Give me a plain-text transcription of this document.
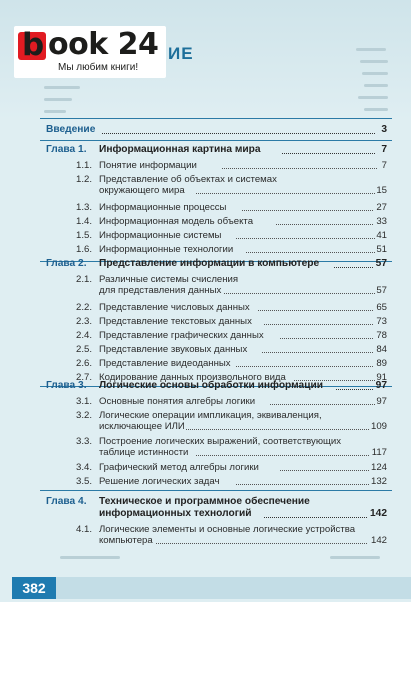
ИЕ
b ook 24
Мы любим книги!
Введение	3
Глава 1. Информационная картина мира	7
1.1. Понятие информации	7
1.2. Представление об объектах и системах
окружающего мира	15
1.3. Информационные процессы	27
1.4. Информационная модель объекта	33
1.5. Информационные системы	41
1.6. Информационные технологии	51
Глава 2. Представление информации в компьютере	57
2.1. Различные системы счисления
для представления данных	57
2.2. Представление числовых данных	65
2.3. Представление текстовых данных	73
2.4. Представление графических данных	78
2.5. Представление звуковых данных	84
2.6. Представление видеоданных	89
2.7. Кодирование данных произвольного вида	91
Глава 3. Логические основы обработки информации	97
3.1. Основные понятия алгебры логики	97
3.2. Логические операции импликация, эквиваленция,
исключающее ИЛИ	109
3.3. Построение логических выражений, соответствующих
таблице истинности	117
3.4. Графический метод алгебры логики	124
3.5. Решение логических задач	132
Глава 4. Техническое и программное обеспечение
информационных технологий	142
4.1. Логические элементы и основные логические устройства
компьютера	142
382
